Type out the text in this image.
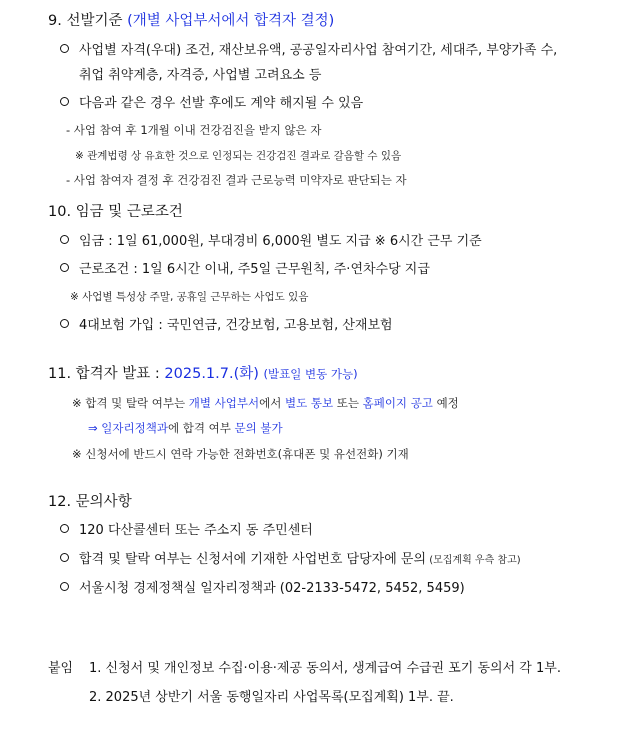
9. 선발기준 (개별 사업부서에서 합격자 결정)
사업별 자격(우대) 조건, 재산보유액, 공공일자리사업 참여기간, 세대주, 부양가족 수,
취업 취약계층, 자격증, 사업별 고려요소 등
다음과 같은 경우 선발 후에도 계약 해지될 수 있음
- 사업 참여 후 1개월 이내 건강검진을 받지 않은 자
※ 관계법령 상 유효한 것으로 인정되는 건강검진 결과로 갈음할 수 있음
- 사업 참여자 결정 후 건강검진 결과 근로능력 미약자로 판단되는 자
10. 임금 및 근로조건
임금 : 1일 61,000원, 부대경비 6,000원 별도 지급 ※ 6시간 근무 기준
근로조건 : 1일 6시간 이내, 주5일 근무원칙, 주·연차수당 지급
※ 사업별 특성상 주말, 공휴일 근무하는 사업도 있음
4대보험 가입 : 국민연금, 건강보험, 고용보험, 산재보험
11. 합격자 발표 : 2025.1.7.(화) (발표일 변동 가능)
※ 합격 및 탈락 여부는 개별 사업부서에서 별도 통보 또는 홈페이지 공고 예정
⇒ 일자리정책과에 합격 여부 문의 불가
※ 신청서에 반드시 연락 가능한 전화번호(휴대폰 및 유선전화) 기재
12. 문의사항
120 다산콜센터 또는 주소지 동 주민센터
합격 및 탈락 여부는 신청서에 기재한 사업번호 담당자에 문의 (모집계획 우측 참고)
서울시청 경제정책실 일자리정책과 (02-2133-5472, 5452, 5459)
붙임 1. 신청서 및 개인정보 수집·이용·제공 동의서, 생계급여 수급권 포기 동의서 각 1부.
2. 2025년 상반기 서울 동행일자리 사업목록(모집계획) 1부. 끝.
